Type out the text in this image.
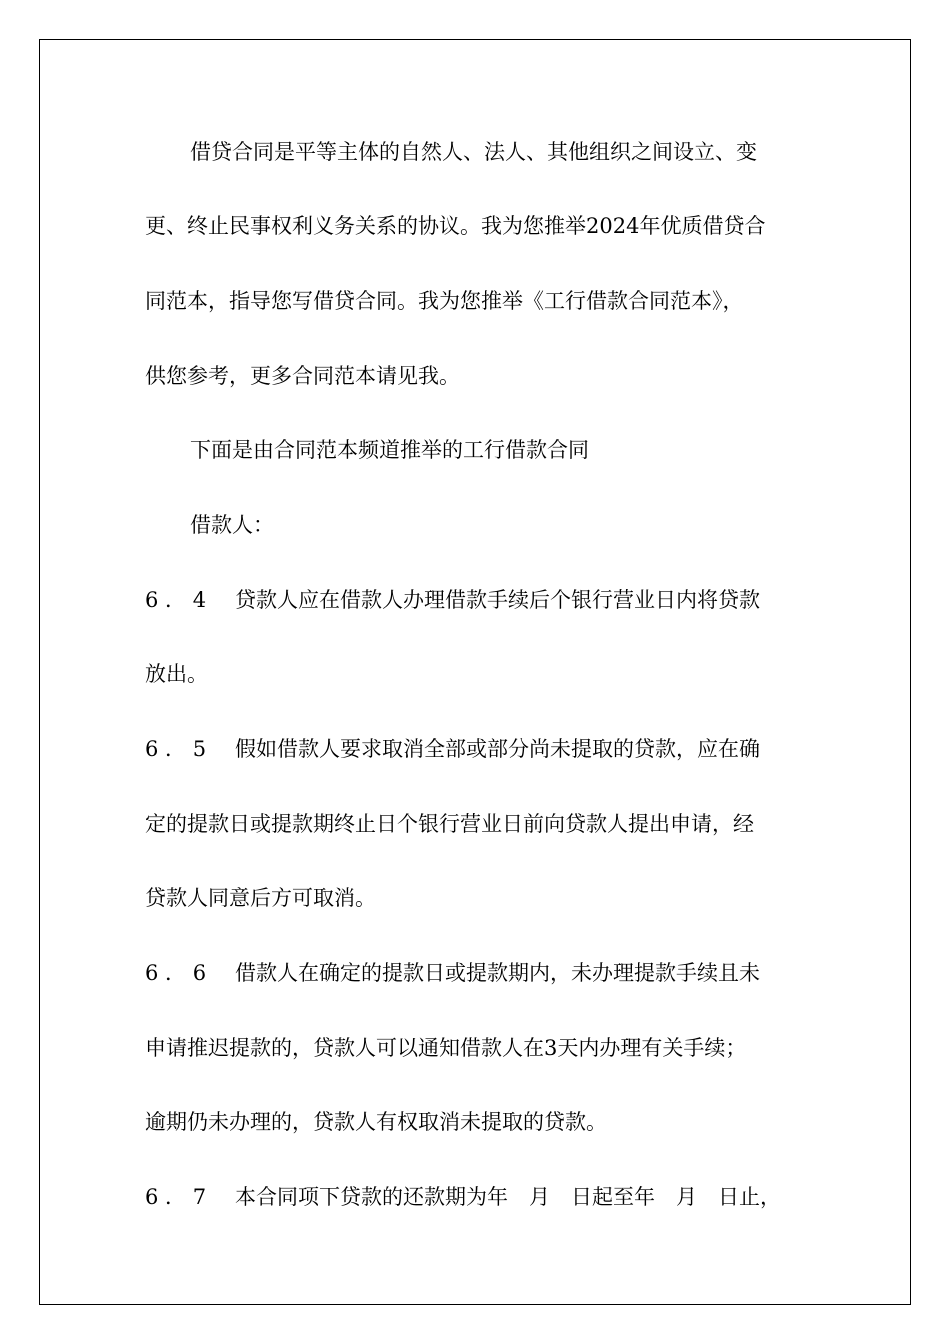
借贷合同是平等主体的自然人、法人、其他组织之间设立、变

更、终止民事权利义务关系的协议。我为您推举2024年优质借贷合

同范本，指导您写借贷合同。我为您推举《工行借款合同范本》，

供您参考，更多合同范本请见我。

下面是由合同范本频道推举的工行借款合同

借款人：

6 ． 4 贷款人应在借款人办理借款手续后个银行营业日内将贷款

放出。

6 ． 5 假如借款人要求取消全部或部分尚未提取的贷款，应在确

定的提款日或提款期终止日个银行营业日前向贷款人提出申请，经

贷款人同意后方可取消。

6 ． 6 借款人在确定的提款日或提款期内，未办理提款手续且未

申请推迟提款的，贷款人可以通知借款人在3天内办理有关手续；

逾期仍未办理的，贷款人有权取消未提取的贷款。

6 ． 7 本合同项下贷款的还款期为年　月　日起至年　月　日止，
